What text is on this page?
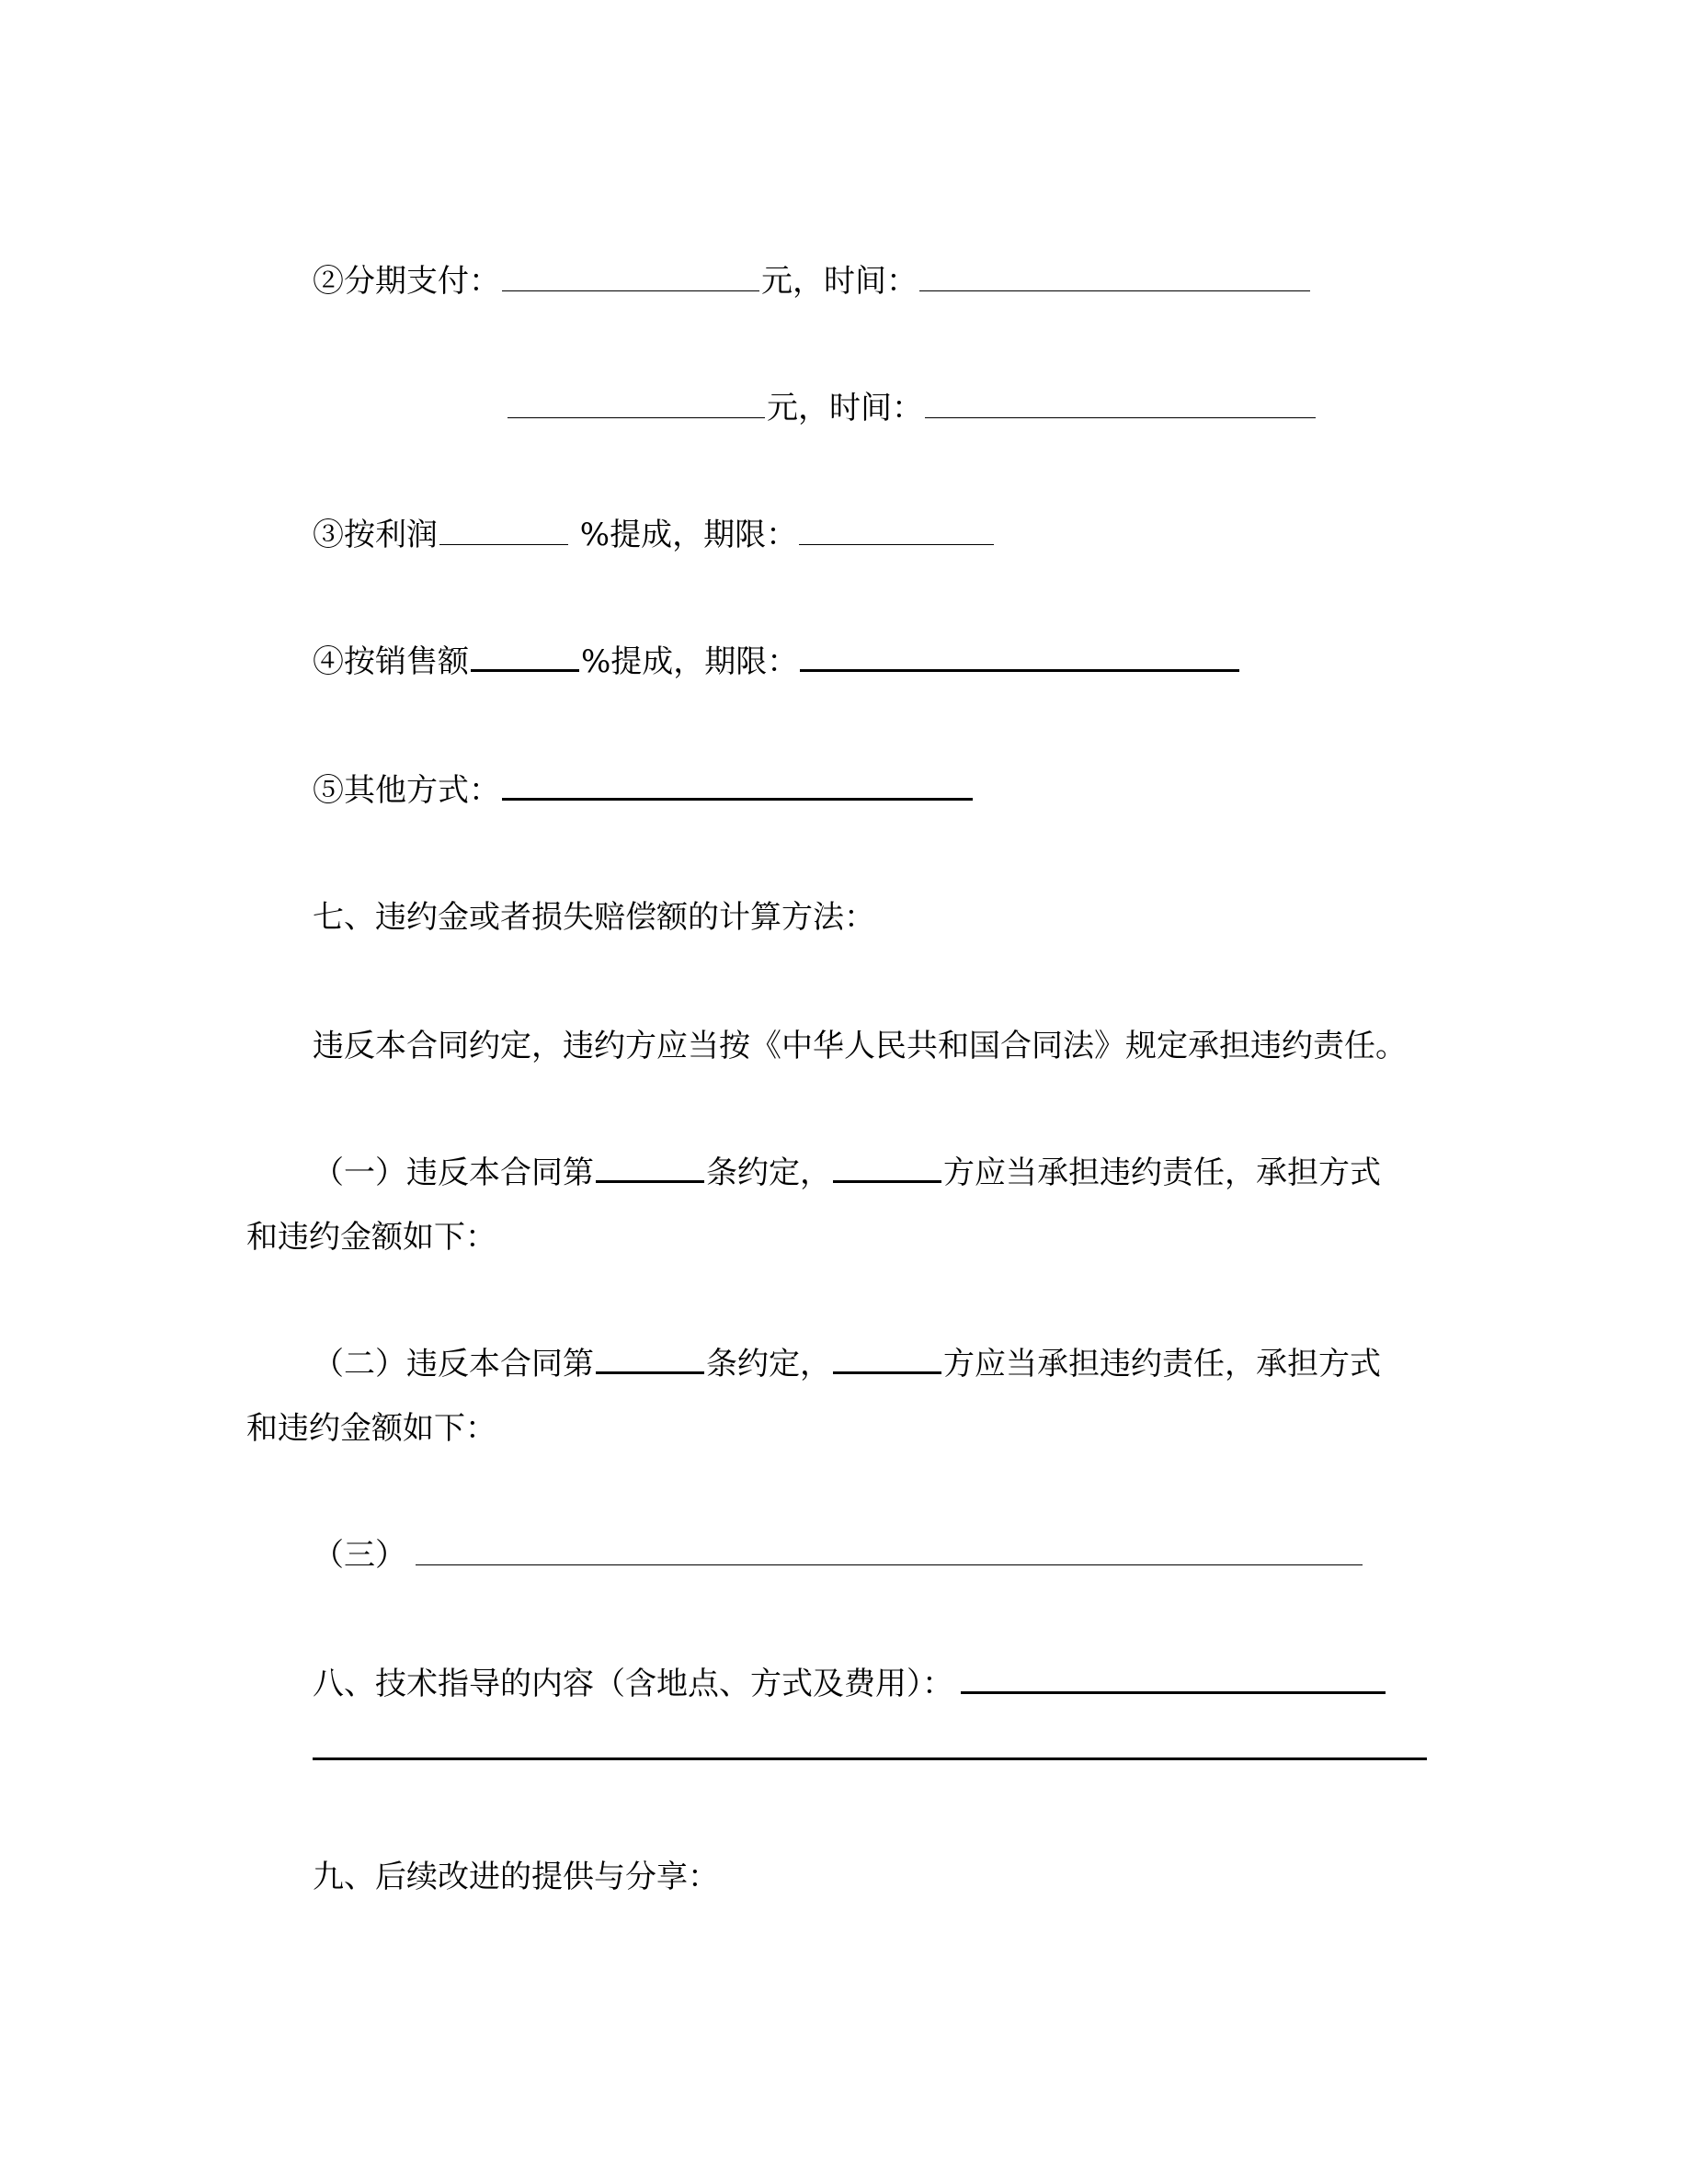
②分期支付：	元，时间：
元，时间：
③按利润	%提成，期限：
④按销售额	%提成，期限：
⑤其他方式：
七、违约金或者损失赔偿额的计算方法：
违反本合同约定，违约方应当按《中华人民共和国合同法》规定承担违约责任。
（一）违反本合同第	条约定，	方应当承担违约责任，承担方式
和违约金额如下：
（二）违反本合同第	条约定，	方应当承担违约责任，承担方式
和违约金额如下：
（三）
八、技术指导的内容（含地点、方式及费用）：
九、后续改进的提供与分享：
